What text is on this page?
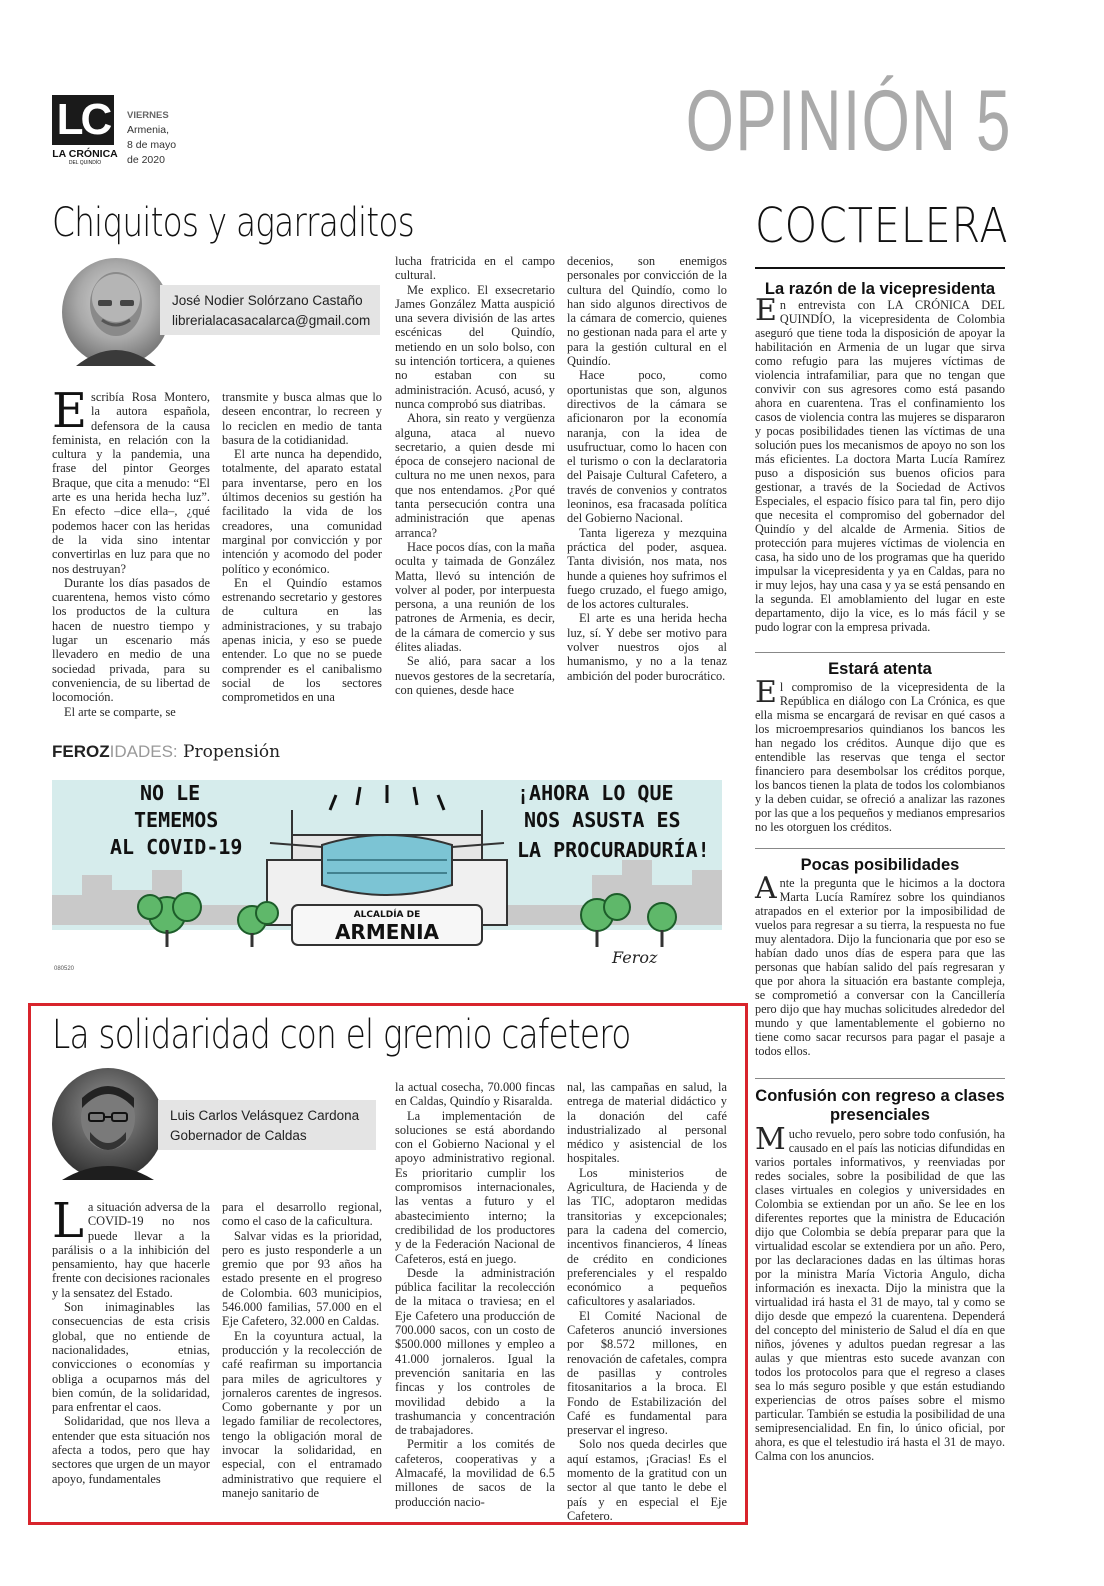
LC
LA CRÓNICA
DEL QUINDÍO
VIERNES
Armenia,
8 de mayo
de 2020	OPINIÓN 5
Chiquitos y agarraditos
José Nodier Solórzano Castaño
librerialacasacalarca@gmail.com

Escribía Rosa Montero, la autora española, defensora de la causa feminista, en relación con la cultura y la pandemia, una frase del pintor Georges Braque, que cita a menudo: “El arte es una herida hecha luz”. En efecto –dice ella–, ¿qué podemos hacer con las heridas de la vida sino intentar convertirlas en luz para que no nos destruyan?

Durante los días pasados de cuarentena, hemos visto cómo los productos de la cultura hacen de nuestro tiempo y lugar un escenario más llevadero en medio de una sociedad privada, para su conveniencia, de su libertad de locomoción.

El arte se comparte, se

transmite y busca almas que lo deseen encontrar, lo recreen y lo reciclen en medio de tanta basura de la cotidianidad.

El arte nunca ha dependido, totalmente, del aparato estatal para inventarse, pero en los últimos decenios su gestión ha facilitado la vida de los creadores, una comunidad marginal por convicción y por intención y acomodo del poder político y económico.

En el Quindío estamos estrenando secretario y gestores de cultura en las administraciones, y su trabajo apenas inicia, y eso se puede entender. Lo que no se puede comprender es el canibalismo social de los sectores comprometidos en una

lucha fratricida en el campo cultural.

Me explico. El exsecretario James González Matta auspició una severa división de las artes escénicas del Quindío, metiendo en un solo bolso, con su intención torticera, a quienes no estaban con su administración. Acusó, acusó, y nunca comprobó sus diatribas.

Ahora, sin reato y vergüenza alguna, ataca al nuevo secretario, a quien desde mi época de consejero nacional de cultura no me unen nexos, para que nos entendamos. ¿Por qué tanta persecución contra una administración que apenas arranca?

Hace pocos días, con la maña oculta y taimada de González Matta, llevó su intención de volver al poder, por interpuesta persona, a una reunión de los patrones de Armenia, es decir, de la cámara de comercio y sus élites aliadas.

Se alió, para sacar a los nuevos gestores de la secretaría, con quienes, desde hace

decenios, son enemigos personales por convicción de la cultura del Quindío, como lo han sido algunos directivos de la cámara de comercio, quienes no gestionan nada para el arte y para la gestión cultural en el Quindío.

Hace poco, como oportunistas que son, algunos directivos de la cámara se aficionaron por la economía naranja, con la idea de usufructuar, como lo hacen con el turismo o con la declaratoria del Paisaje Cultural Cafetero, a través de convenios y contratos leoninos, esa fracasada política del Gobierno Nacional.

Tanta ligereza y mezquina práctica del poder, asquea. Tanta división, nos mata, nos hunde a quienes hoy sufrimos el fuego cruzado, el fuego amigo, de los actores culturales.

El arte es una herida hecha luz, sí. Y debe ser motivo para volver nuestros ojos al humanismo, y no a la tenaz ambición del poder burocrático.

FEROZIDADES: Propensión
ALCALDÍA DE
ARMENIA
NO LE
TEMEMOS
AL COVID-19
¡AHORA LO QUE
NOS ASUSTA ES
LA PROCURADURÍA!
Feroz
080520
La solidaridad con el gremio cafetero
Luis Carlos Velásquez Cardona
Gobernador de Caldas

La situación adversa de la COVID-19 no nos puede llevar a la parálisis o a la inhibición del pensamiento, hay que hacerle frente con decisiones racionales y la sensatez del Estado.

Son inimaginables las consecuencias de esta crisis global, que no entiende de nacionalidades, etnias, convicciones o economías y obliga a ocuparnos más del bien común, de la solidaridad, para enfrentar el caos.

Solidaridad, que nos lleva a entender que esta situación nos afecta a todos, pero que hay sectores que urgen de un mayor apoyo, fundamentales

para el desarrollo regional, como el caso de la caficultura.

Salvar vidas es la prioridad, pero es justo responderle a un gremio que por 93 años ha estado presente en el progreso de Colombia. 603 municipios, 546.000 familias, 57.000 en el Eje Cafetero, 32.000 en Caldas.

En la coyuntura actual, la producción y la recolección de café reafirman su importancia para miles de agricultores y jornaleros carentes de ingresos. Como gobernante y por un legado familiar de recolectores, tengo la obligación moral de invocar la solidaridad, en especial, con el entramado administrativo que requiere el manejo sanitario de

la actual cosecha, 70.000 fincas en Caldas, Quindío y Risaralda.

La implementación de soluciones se está abordando con el Gobierno Nacional y el apoyo administrativo regional. Es prioritario cumplir los compromisos internacionales, las ventas a futuro y el abastecimiento interno; la credibilidad de los productores y de la Federación Nacional de Cafeteros, está en juego.

Desde la administración pública facilitar la recolección de la mitaca o traviesa; en el Eje Cafetero una producción de 700.000 sacos, con un costo de $500.000 millones y empleo a 41.000 jornaleros. Igual la prevención sanitaria en las fincas y los controles de movilidad debido a la trashumancia y concentración de trabajadores.

Permitir a los comités de cafeteros, cooperativas y a Almacafé, la movilidad de 6.5 millones de sacos de la producción nacio-

nal, las campañas en salud, la entrega de material didáctico y la donación del café industrializado al personal médico y asistencial de los hospitales.

Los ministerios de Agricultura, de Hacienda y de las TIC, adoptaron medidas transitorias y excepcionales; para la cadena del comercio, incentivos financieros, 4 líneas de crédito en condiciones preferenciales y el respaldo económico a pequeños caficultores y asalariados.

El Comité Nacional de Cafeteros anunció inversiones por $8.572 millones, en renovación de cafetales, compra de pasillas y controles fitosanitarios a la broca. El Fondo de Estabilización del Café es fundamental para preservar el ingreso.

Solo nos queda decirles que aquí estamos, ¡Gracias! Es el momento de la gratitud con un sector al que tanto le debe el país y en especial el Eje Cafetero.

COCTELERA
La razón de la vicepresidenta
En entrevista con LA CRÓNICA DEL QUINDÍO, la vicepresidenta de Colombia aseguró que tiene toda la disposición de apoyar la habilitación en Armenia de un lugar que sirva como refugio para las mujeres víctimas de violencia intrafamiliar, para que no tengan que convivir con sus agresores como está pasando ahora en cuarentena. Tras el confinamiento los casos de violencia contra las mujeres se dispararon y pocas posibilidades tienen las víctimas de una solución pues los mecanismos de apoyo no son los más eficientes. La doctora Marta Lucía Ramírez puso a disposición sus buenos oficios para gestionar, a través de la Sociedad de Activos Especiales, el espacio físico para tal fin, pero dijo que necesita el compromiso del gobernador del Quindío y del alcalde de Armenia. Sitios de protección para mujeres víctimas de violencia en casa, ha sido uno de los programas que ha querido impulsar la vicepresidenta y ya en Caldas, para no ir muy lejos, hay una casa y ya se está pensando en la segunda. El amoblamiento del lugar en este departamento, dijo la vice, es lo más fácil y se pudo lograr con la empresa privada.
Estará atenta
El compromiso de la vicepresidenta de la República en diálogo con La Crónica, es que ella misma se encargará de revisar en qué casos a los microempresarios quindianos los bancos les han negado los créditos. Aunque dijo que es entendible las reservas que tenga el sector financiero para desembolsar los créditos porque, los bancos tienen la plata de todos los colombianos y la deben cuidar, se ofreció a analizar las razones por las que a los pequeños y medianos empresarios no les otorguen los créditos.
Pocas posibilidades
Ante la pregunta que le hicimos a la doctora Marta Lucía Ramírez sobre los quindianos atrapados en el exterior por la imposibilidad de vuelos para regresar a su tierra, la respuesta no fue muy alentadora. Dijo la funcionaria que por eso se habían dado unos días de espera para que las personas que habían salido del país regresaran y que por ahora la situación era bastante compleja, se comprometió a conversar con la Cancillería pero dijo que hay muchas solicitudes alrededor del mundo y que lamentablemente el gobierno no tiene como sacar recursos para pagar el pasaje a todos ellos.
Confusión con regreso a clases presenciales
Mucho revuelo, pero sobre todo confusión, ha causado en el país las noticias difundidas en varios portales informativos, y reenviadas por redes sociales, sobre la posibilidad de que las clases virtuales en colegios y universidades en Colombia se extiendan por un año. Se lee en los diferentes reportes que la ministra de Educación dijo que Colombia se debía preparar para que la virtualidad escolar se extendiera por un año. Pero, por las declaraciones dadas en las últimas horas por la ministra María Victoria Angulo, dicha información es inexacta. Dijo la ministra que la virtualidad irá hasta el 31 de mayo, tal y como se dijo desde que empezó la cuarentena. Dependerá del concepto del ministerio de Salud el día en que niños, jóvenes y adultos puedan regresar a las aulas y que mientras esto sucede avanzan con todos los protocolos para que el regreso a clases sea lo más seguro posible y que están estudiando experiencias de otros países sobre el mismo particular. También se estudia la posibilidad de una semipresencialidad. En fin, lo único oficial, por ahora, es que el telestudio irá hasta el 31 de mayo. Calma con los anuncios.
